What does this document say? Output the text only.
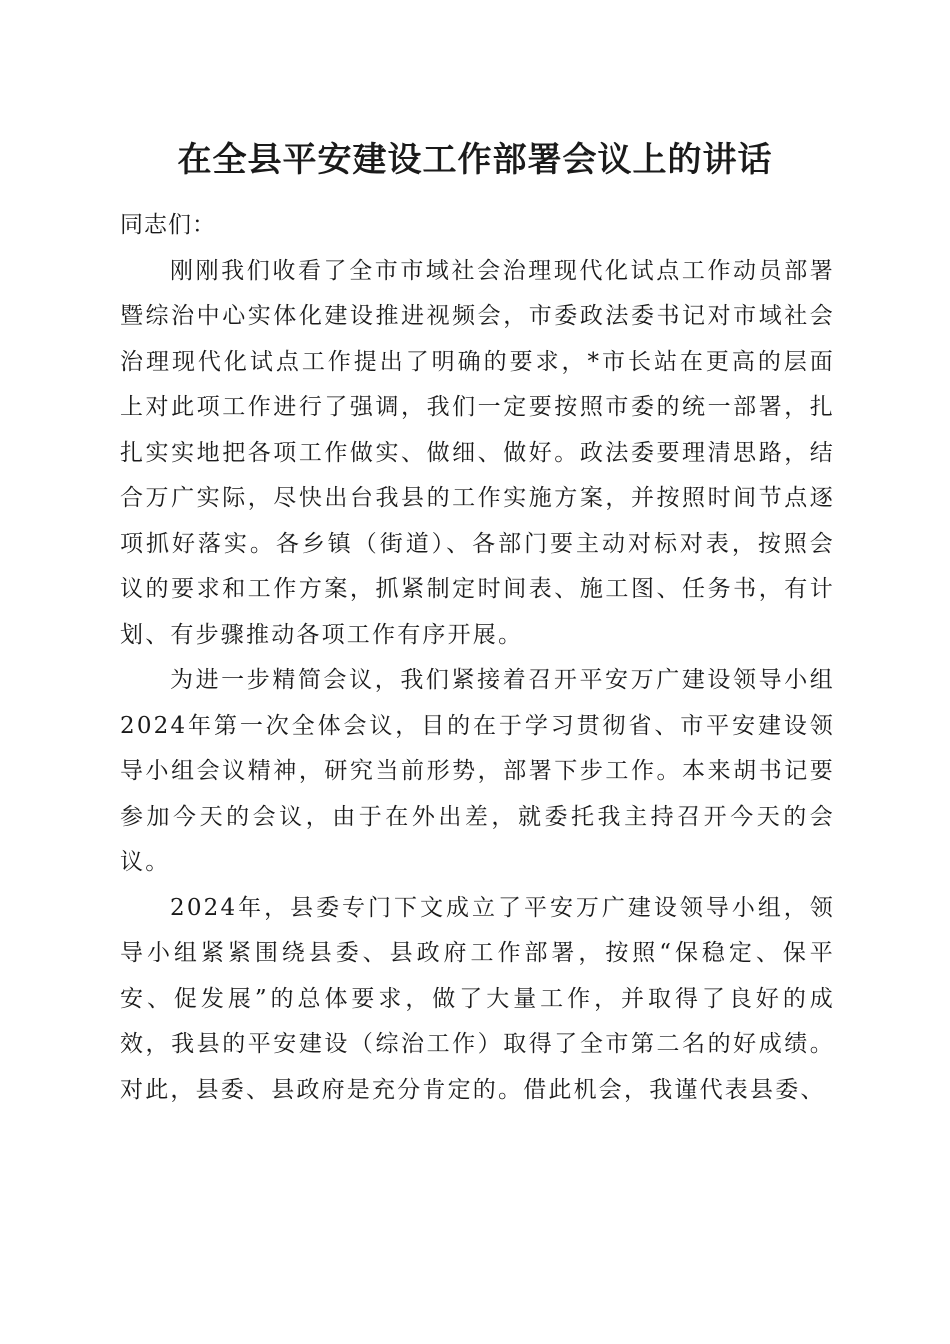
在全县平安建设工作部署会议上的讲话

同志们：

刚刚我们收看了全市市域社会治理现代化试点工作动员部署暨综治中心实体化建设推进视频会，市委政法委书记对市域社会治理现代化试点工作提出了明确的要求，*市长站在更高的层面上对此项工作进行了强调，我们一定要按照市委的统一部署，扎扎实实地把各项工作做实、做细、做好。政法委要理清思路，结合万广实际，尽快出台我县的工作实施方案，并按照时间节点逐项抓好落实。各乡镇（街道）、各部门要主动对标对表，按照会议的要求和工作方案，抓紧制定时间表、施工图、任务书，有计划、有步骤推动各项工作有序开展。

为进一步精简会议，我们紧接着召开平安万广建设领导小组2024年第一次全体会议，目的在于学习贯彻省、市平安建设领导小组会议精神，研究当前形势，部署下步工作。本来胡书记要参加今天的会议，由于在外出差，就委托我主持召开今天的会议。

2024年，县委专门下文成立了平安万广建设领导小组，领导小组紧紧围绕县委、县政府工作部署，按照“保稳定、保平安、促发展”的总体要求，做了大量工作，并取得了良好的成效，我县的平安建设（综治工作）取得了全市第二名的好成绩。对此，县委、县政府是充分肯定的。借此机会，我谨代表县委、
